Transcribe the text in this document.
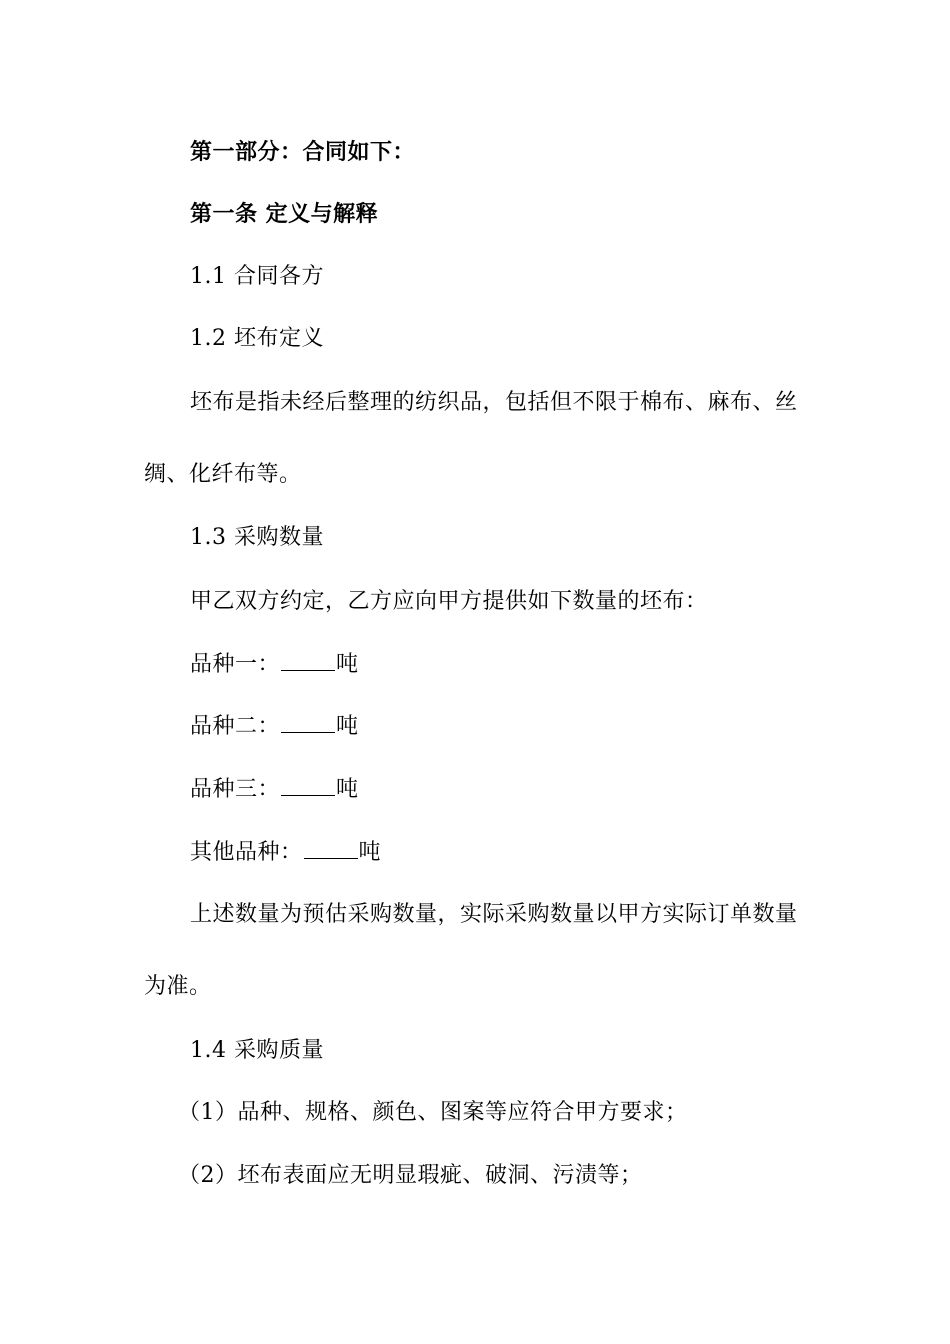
第一部分：合同如下：
第一条 定义与解释
1.1 合同各方
1.2 坯布定义
坯布是指未经后整理的纺织品，包括但不限于棉布、麻布、丝
绸、化纤布等。
1.3 采购数量
甲乙双方约定，乙方应向甲方提供如下数量的坯布：
品种一：	吨
品种二：	吨
品种三：	吨
其他品种：	吨
上述数量为预估采购数量，实际采购数量以甲方实际订单数量
为准。
1.4 采购质量
（1）品种、规格、颜色、图案等应符合甲方要求；
（2）坯布表面应无明显瑕疵、破洞、污渍等；
